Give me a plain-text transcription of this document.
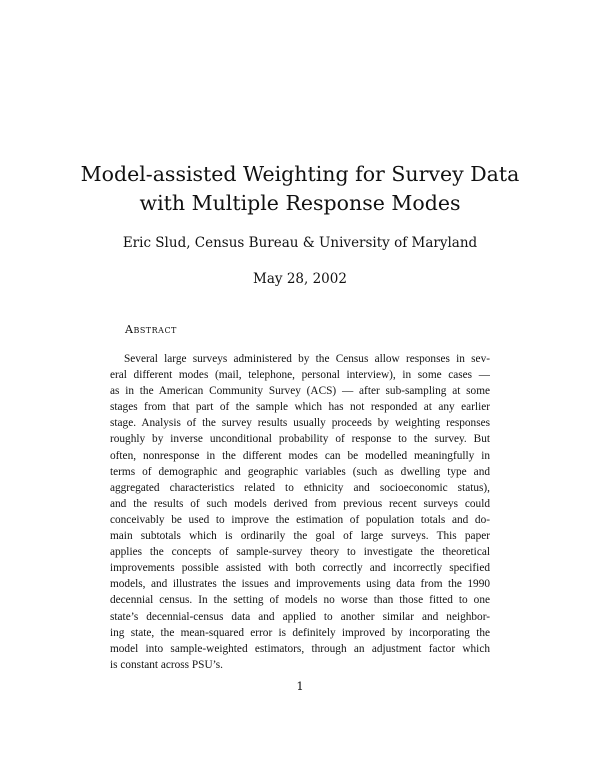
Model-assisted Weighting for Survey Data
with Multiple Response Modes
Eric Slud, Census Bureau & University of Maryland
May 28, 2002
Abstract
Several large surveys administered by the Census allow responses in sev-
eral different modes (mail, telephone, personal interview), in some cases —
as in the American Community Survey (ACS) — after sub-sampling at some
stages from that part of the sample which has not responded at any earlier
stage. Analysis of the survey results usually proceeds by weighting responses
roughly by inverse unconditional probability of response to the survey. But
often, nonresponse in the different modes can be modelled meaningfully in
terms of demographic and geographic variables (such as dwelling type and
aggregated characteristics related to ethnicity and socioeconomic status),
and the results of such models derived from previous recent surveys could
conceivably be used to improve the estimation of population totals and do-
main subtotals which is ordinarily the goal of large surveys. This paper
applies the concepts of sample-survey theory to investigate the theoretical
improvements possible assisted with both correctly and incorrectly specified
models, and illustrates the issues and improvements using data from the 1990
decennial census. In the setting of models no worse than those fitted to one
state’s decennial-census data and applied to another similar and neighbor-
ing state, the mean-squared error is definitely improved by incorporating the
model into sample-weighted estimators, through an adjustment factor which
is constant across PSU’s.
1
